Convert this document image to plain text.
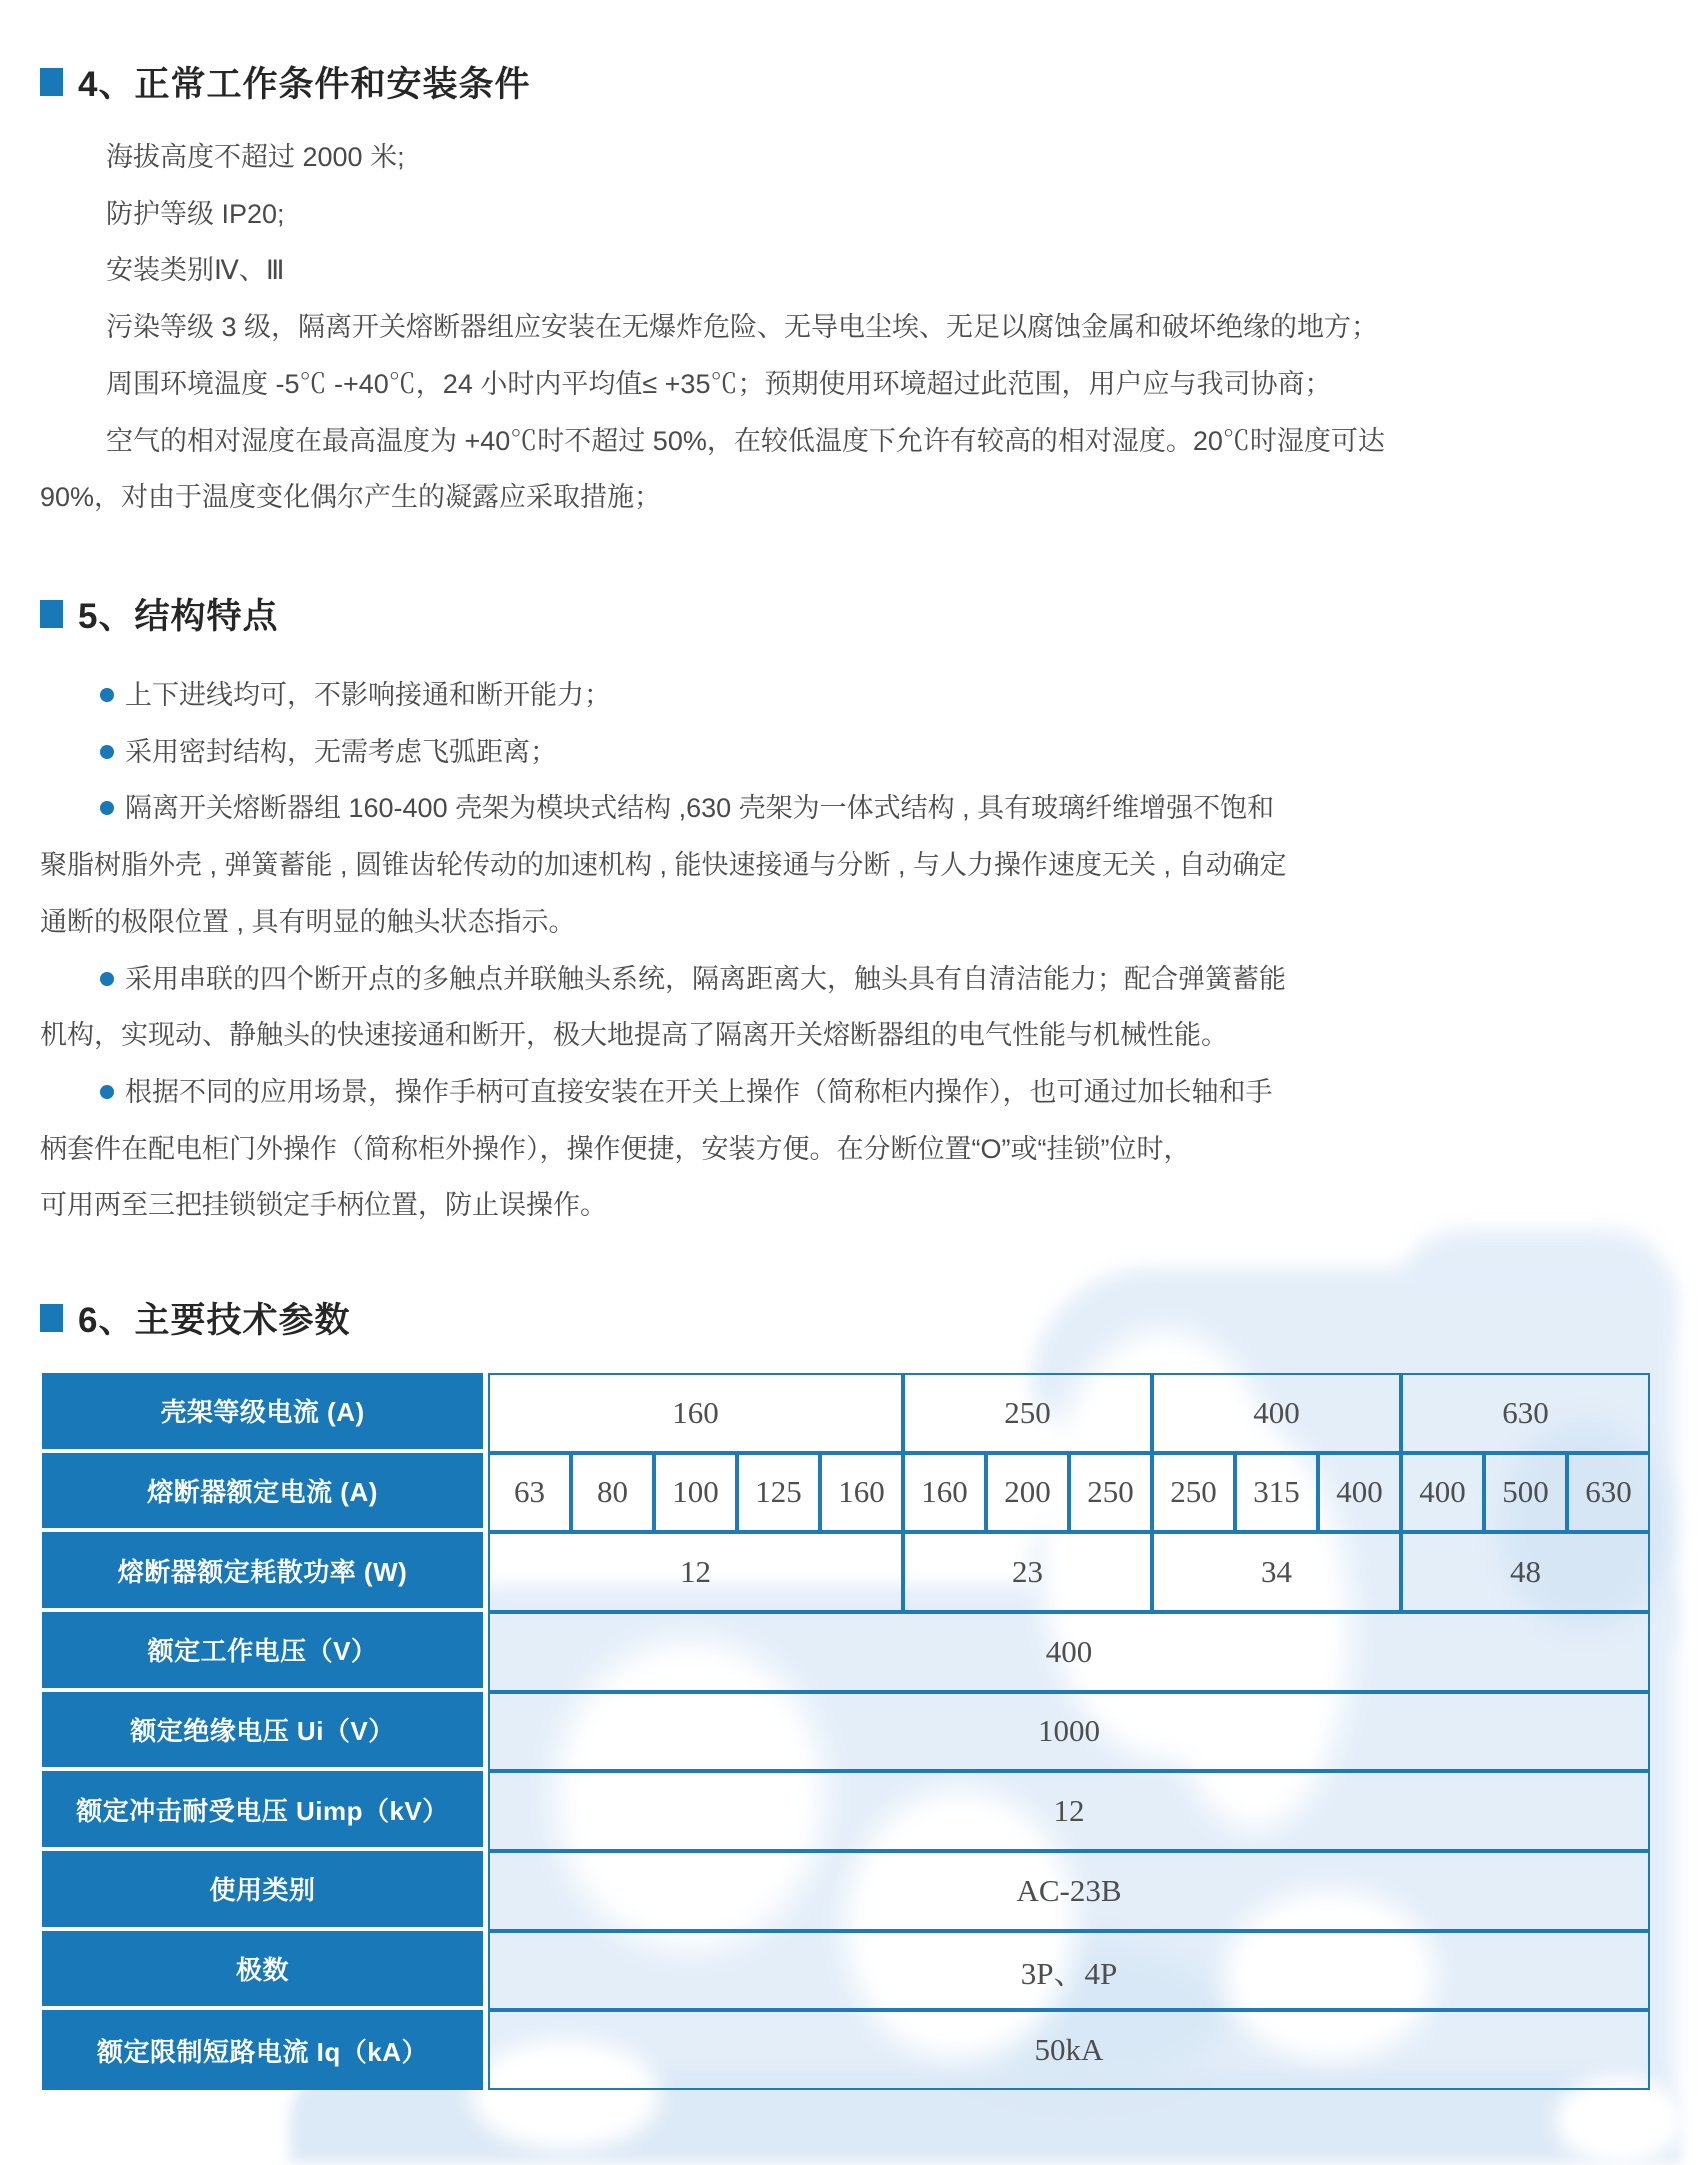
4、正常工作条件和安装条件
海拔高度不超过 2000 米;
防护等级 IP20;
安装类别Ⅳ、Ⅲ
污染等级 3 级，隔离开关熔断器组应安装在无爆炸危险、无导电尘埃、无足以腐蚀金属和破坏绝缘的地方；
周围环境温度 -5℃ -+40℃，24 小时内平均值≤ +35℃；预期使用环境超过此范围，用户应与我司协商；
空气的相对湿度在最高温度为 +40℃时不超过 50%，在较低温度下允许有较高的相对湿度。20℃时湿度可达
90%，对由于温度变化偶尔产生的凝露应采取措施；
5、结构特点
上下进线均可，不影响接通和断开能力；
采用密封结构，无需考虑飞弧距离；
隔离开关熔断器组 160-400 壳架为模块式结构 ,630 壳架为一体式结构 , 具有玻璃纤维增强不饱和
聚脂树脂外壳 , 弹簧蓄能 , 圆锥齿轮传动的加速机构 , 能快速接通与分断 , 与人力操作速度无关 , 自动确定
通断的极限位置 , 具有明显的触头状态指示。
采用串联的四个断开点的多触点并联触头系统，隔离距离大，触头具有自清洁能力；配合弹簧蓄能
机构，实现动、静触头的快速接通和断开，极大地提高了隔离开关熔断器组的电气性能与机械性能。
根据不同的应用场景，操作手柄可直接安装在开关上操作（简称柜内操作），也可通过加长轴和手
柄套件在配电柜门外操作（简称柜外操作），操作便捷，安装方便。在分断位置“O”或“挂锁”位时，
可用两至三把挂锁锁定手柄位置，防止误操作。
6、主要技术参数
壳架等级电流 (A)	160	250	400	630
熔断器额定电流 (A)	63	80	100	125	160	160	200	250	250	315	400	400	500	630
熔断器额定耗散功率 (W)	12	23	34	48
额定工作电压（V）	400
额定绝缘电压 Ui（V）	1000
额定冲击耐受电压 Uimp（kV）	12
使用类别	AC-23B
极数	3P、4P
额定限制短路电流 Iq（kA）	50kA
